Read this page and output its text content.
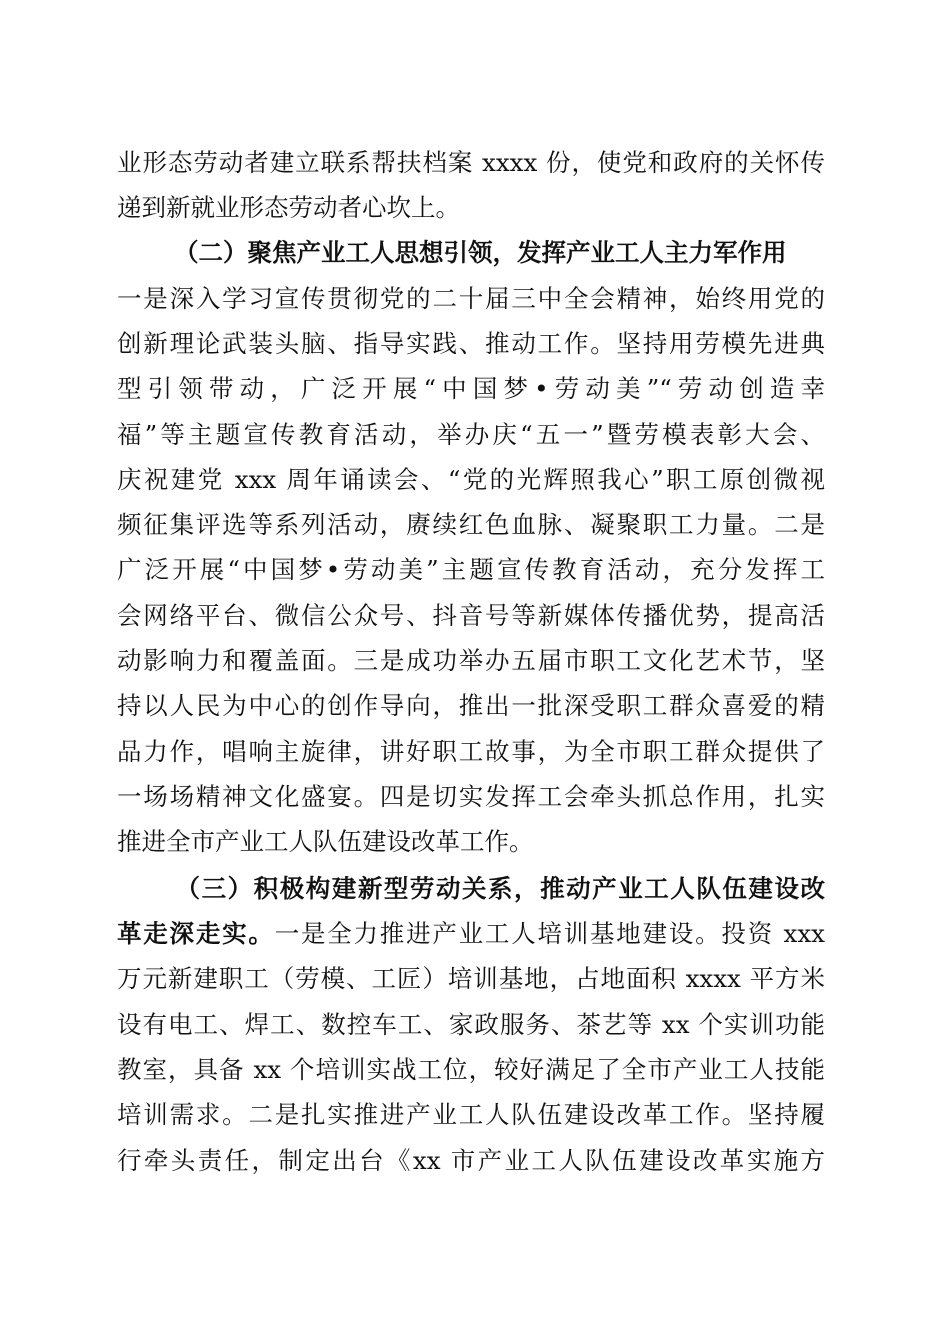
业形态劳动者建立联系帮扶档案 xxxx 份，使党和政府的关怀传
递到新就业形态劳动者心坎上。
（二）聚焦产业工人思想引领，发挥产业工人主力军作用
一是深入学习宣传贯彻党的二十届三中全会精神，始终用党的
创新理论武装头脑、指导实践、推动工作。坚持用劳模先进典
型引领带动，广泛开展“中国梦•劳动美”“劳动创造幸
福”等主题宣传教育活动，举办庆“五一”暨劳模表彰大会、
庆祝建党 xxx 周年诵读会、“党的光辉照我心”职工原创微视
频征集评选等系列活动，赓续红色血脉、凝聚职工力量。二是
广泛开展“中国梦•劳动美”主题宣传教育活动，充分发挥工
会网络平台、微信公众号、抖音号等新媒体传播优势，提高活
动影响力和覆盖面。三是成功举办五届市职工文化艺术节，坚
持以人民为中心的创作导向，推出一批深受职工群众喜爱的精
品力作，唱响主旋律，讲好职工故事，为全市职工群众提供了
一场场精神文化盛宴。四是切实发挥工会牵头抓总作用，扎实
推进全市产业工人队伍建设改革工作。
（三）积极构建新型劳动关系，推动产业工人队伍建设改
革走深走实。一是全力推进产业工人培训基地建设。投资 xxx
万元新建职工（劳模、工匠）培训基地，占地面积 xxxx 平方米
设有电工、焊工、数控车工、家政服务、茶艺等 xx 个实训功能
教室，具备 xx 个培训实战工位，较好满足了全市产业工人技能
培训需求。二是扎实推进产业工人队伍建设改革工作。坚持履
行牵头责任，制定出台《xx 市产业工人队伍建设改革实施方
